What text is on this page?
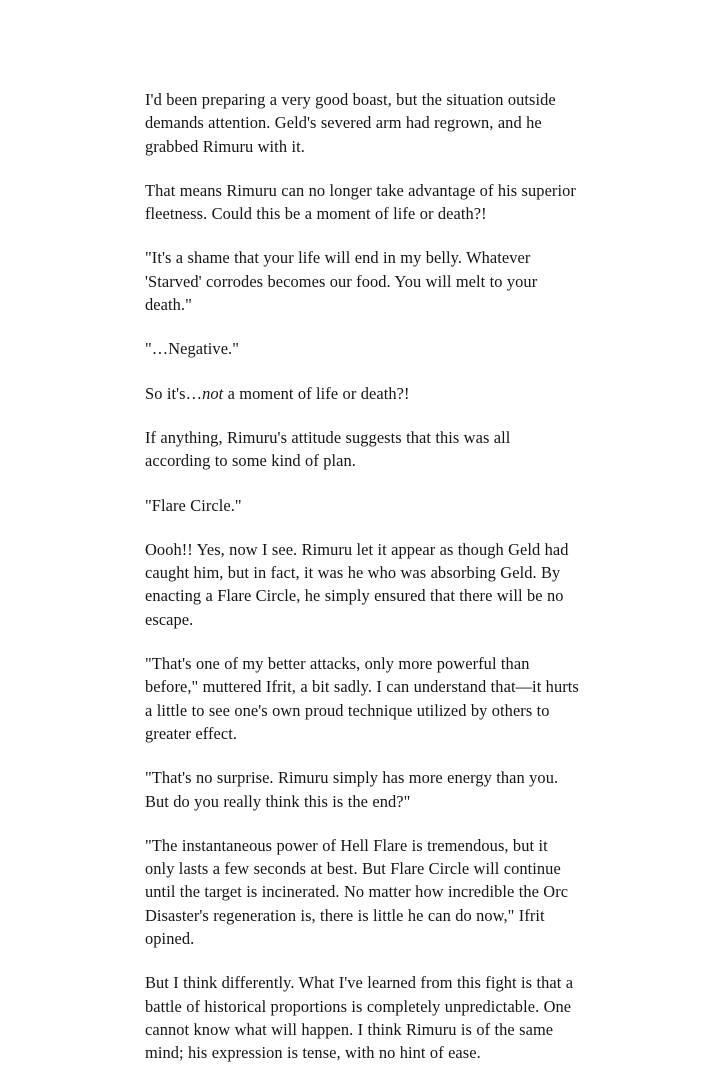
I'd been preparing a very good boast, but the situation outside demands attention. Geld's severed arm had regrown, and he grabbed Rimuru with it.

That means Rimuru can no longer take advantage of his superior fleetness. Could this be a moment of life or death?!

"It's a shame that your life will end in my belly. Whatever 'Starved' corrodes becomes our food. You will melt to your death."

"…Negative."

So it's…not a moment of life or death?!

If anything, Rimuru's attitude suggests that this was all according to some kind of plan.

"Flare Circle."

Oooh!! Yes, now I see. Rimuru let it appear as though Geld had caught him, but in fact, it was he who was absorbing Geld. By enacting a Flare Circle, he simply ensured that there will be no escape.

"That's one of my better attacks, only more powerful than before," muttered Ifrit, a bit sadly. I can understand that—it hurts a little to see one's own proud technique utilized by others to greater effect.

"That's no surprise. Rimuru simply has more energy than you. But do you really think this is the end?"

"The instantaneous power of Hell Flare is tremendous, but it only lasts a few seconds at best. But Flare Circle will continue until the target is incinerated. No matter how incredible the Orc Disaster's regeneration is, there is little he can do now," Ifrit opined.

But I think differently. What I've learned from this fight is that a battle of historical proportions is completely unpredictable. One cannot know what will happen. I think Rimuru is of the same mind; his expression is tense, with no hint of ease.
